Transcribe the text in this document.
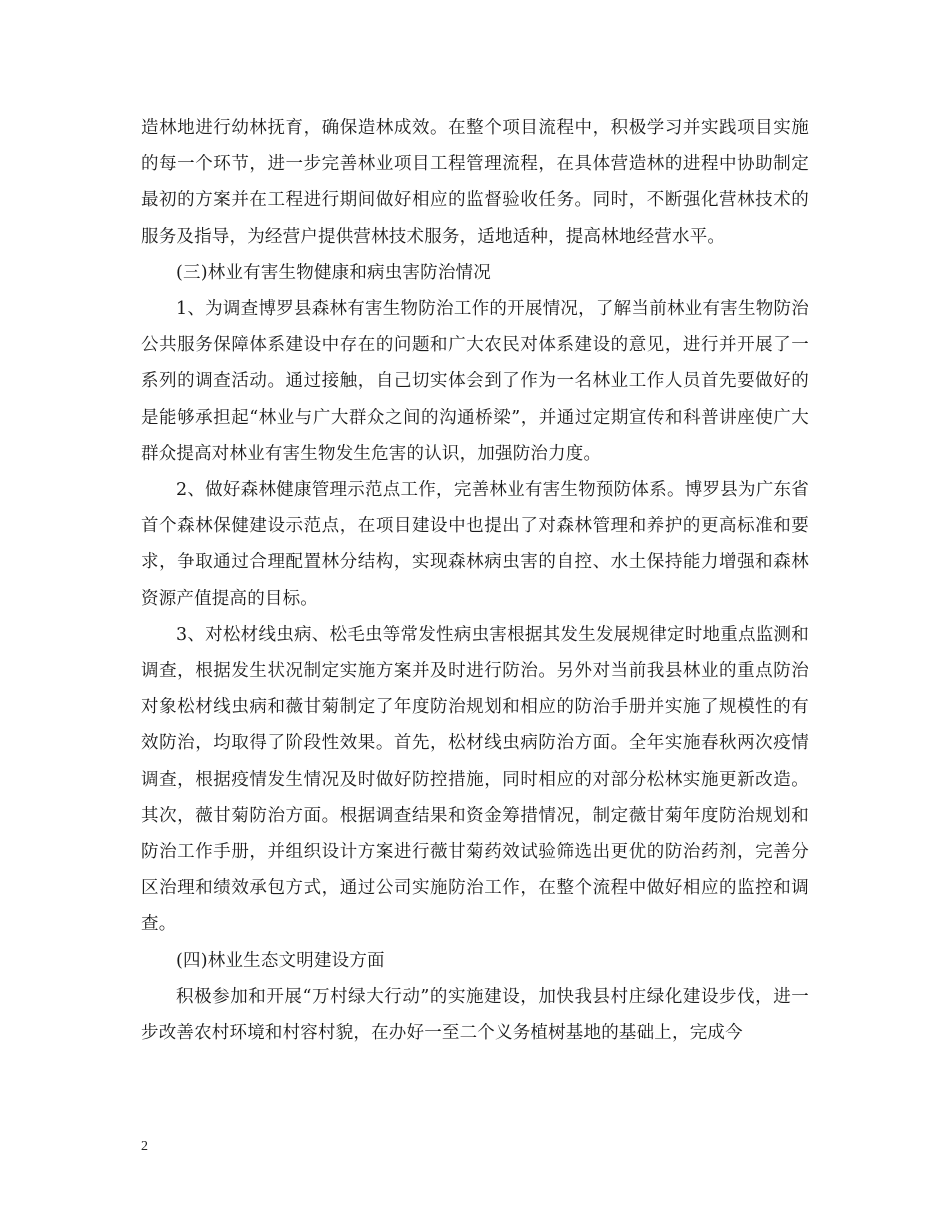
造林地进行幼林抚育，确保造林成效。在整个项目流程中，积极学习并实践项目实施的每一个环节，进一步完善林业项目工程管理流程，在具体营造林的进程中协助制定最初的方案并在工程进行期间做好相应的监督验收任务。同时，不断强化营林技术的服务及指导，为经营户提供营林技术服务，适地适种，提高林地经营水平。

(三)林业有害生物健康和病虫害防治情况

1、为调查博罗县森林有害生物防治工作的开展情况，了解当前林业有害生物防治公共服务保障体系建设中存在的问题和广大农民对体系建设的意见，进行并开展了一系列的调查活动。通过接触，自己切实体会到了作为一名林业工作人员首先要做好的是能够承担起“林业与广大群众之间的沟通桥梁”，并通过定期宣传和科普讲座使广大群众提高对林业有害生物发生危害的认识，加强防治力度。

2、做好森林健康管理示范点工作，完善林业有害生物预防体系。博罗县为广东省首个森林保健建设示范点，在项目建设中也提出了对森林管理和养护的更高标准和要求，争取通过合理配置林分结构，实现森林病虫害的自控、水土保持能力增强和森林资源产值提高的目标。

3、对松材线虫病、松毛虫等常发性病虫害根据其发生发展规律定时地重点监测和调查，根据发生状况制定实施方案并及时进行防治。另外对当前我县林业的重点防治对象松材线虫病和薇甘菊制定了年度防治规划和相应的防治手册并实施了规模性的有效防治，均取得了阶段性效果。首先，松材线虫病防治方面。全年实施春秋两次疫情调查，根据疫情发生情况及时做好防控措施，同时相应的对部分松林实施更新改造。其次，薇甘菊防治方面。根据调查结果和资金筹措情况，制定薇甘菊年度防治规划和防治工作手册，并组织设计方案进行薇甘菊药效试验筛选出更优的防治药剂，完善分区治理和绩效承包方式，通过公司实施防治工作，在整个流程中做好相应的监控和调查。

(四)林业生态文明建设方面

积极参加和开展“万村绿大行动”的实施建设，加快我县村庄绿化建设步伐，进一步改善农村环境和村容村貌，在办好一至二个义务植树基地的基础上，完成今

2
